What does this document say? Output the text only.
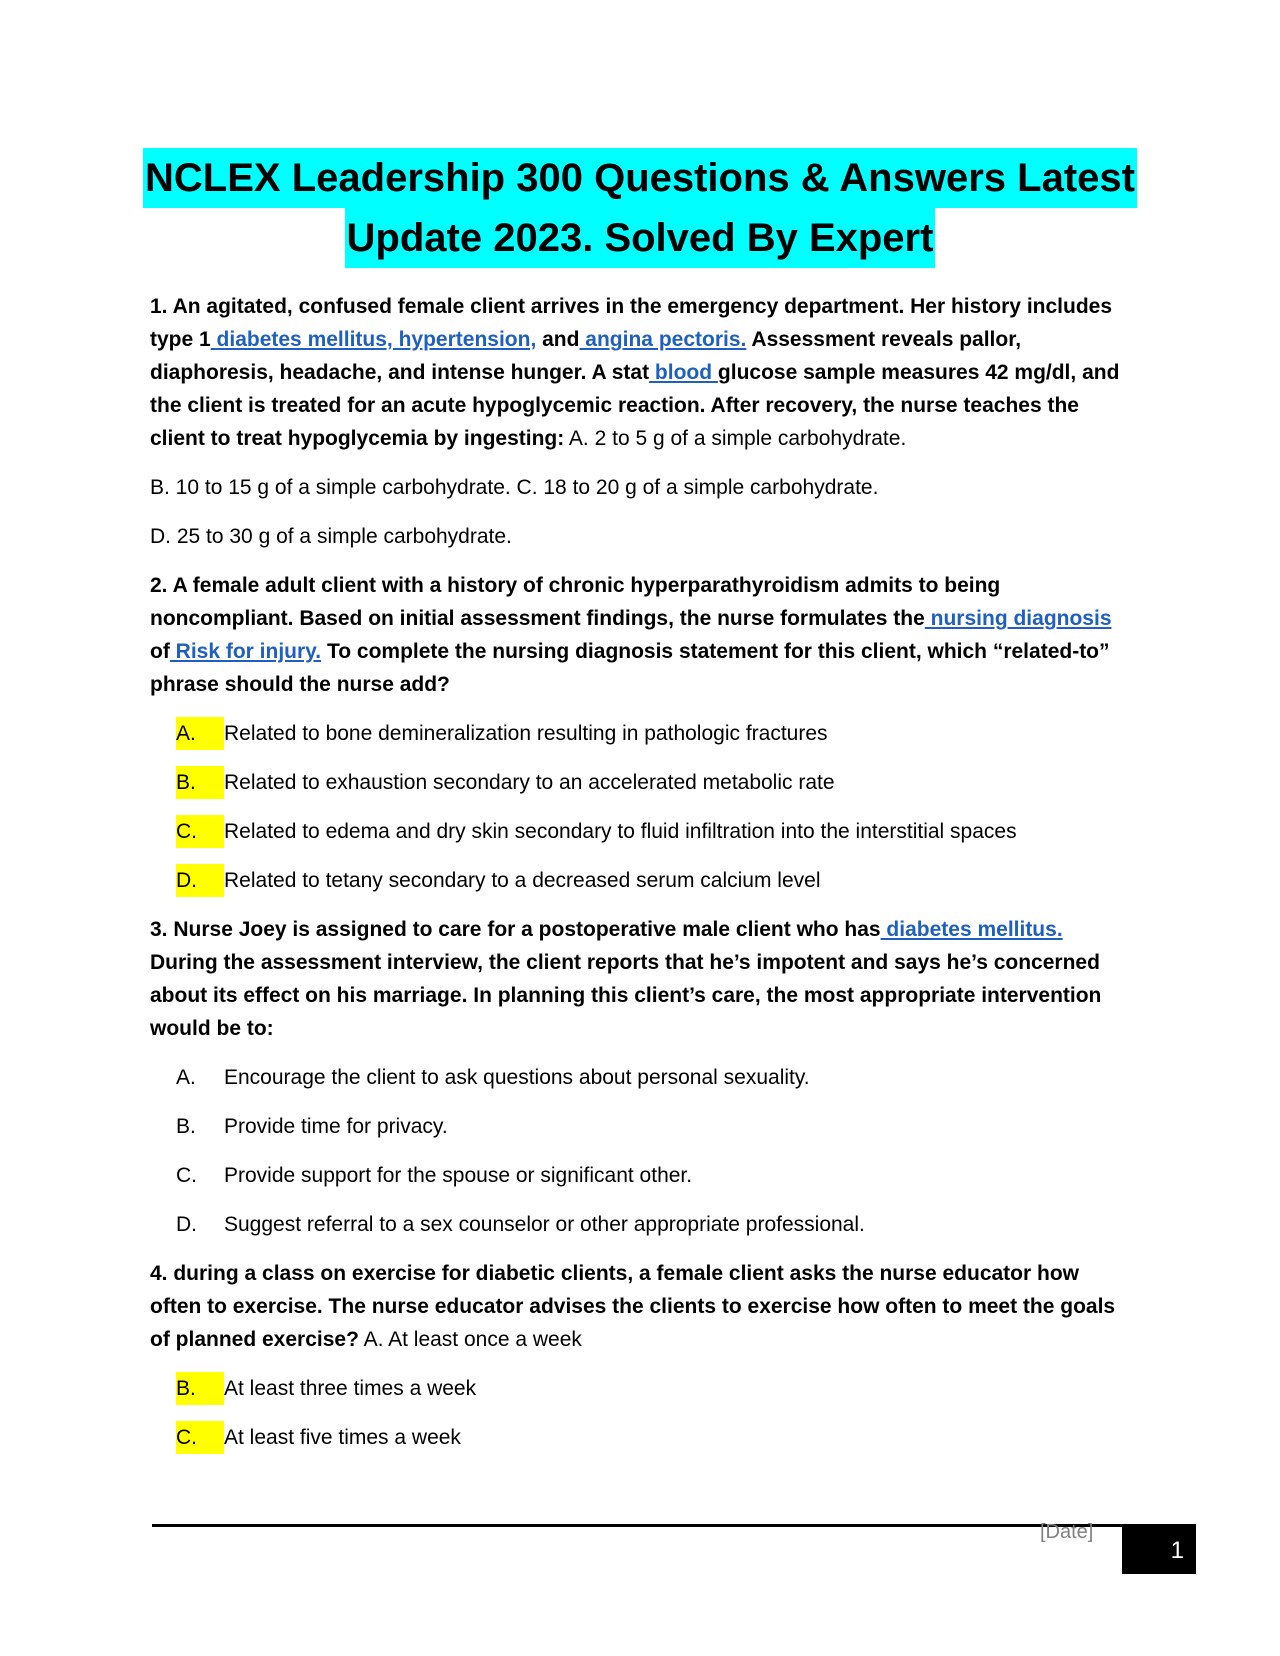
NCLEX Leadership 300 Questions & Answers Latest
Update 2023. Solved By Expert
1. An agitated, confused female client arrives in the emergency department. Her history includes type 1 diabetes mellitus, hypertension, and angina pectoris. Assessment reveals pallor, diaphoresis, headache, and intense hunger. A stat blood glucose sample measures 42 mg/dl, and the client is treated for an acute hypoglycemic reaction. After recovery, the nurse teaches the client to treat hypoglycemia by ingesting: A. 2 to 5 g of a simple carbohydrate.
B. 10 to 15 g of a simple carbohydrate. C. 18 to 20 g of a simple carbohydrate.
D. 25 to 30 g of a simple carbohydrate.
2. A female adult client with a history of chronic hyperparathyroidism admits to being noncompliant. Based on initial assessment findings, the nurse formulates the nursing diagnosis of Risk for injury. To complete the nursing diagnosis statement for this client, which “related-to” phrase should the nurse add?
A.	Related to bone demineralization resulting in pathologic fractures
B.	Related to exhaustion secondary to an accelerated metabolic rate
C.	Related to edema and dry skin secondary to fluid infiltration into the interstitial spaces
D.	Related to tetany secondary to a decreased serum calcium level
3. Nurse Joey is assigned to care for a postoperative male client who has diabetes mellitus. During the assessment interview, the client reports that he’s impotent and says he’s concerned about its effect on his marriage. In planning this client’s care, the most appropriate intervention would be to:
A.	Encourage the client to ask questions about personal sexuality.
B.	Provide time for privacy.
C.	Provide support for the spouse or significant other.
D.	Suggest referral to a sex counselor or other appropriate professional.
4. during a class on exercise for diabetic clients, a female client asks the nurse educator how often to exercise. The nurse educator advises the clients to exercise how often to meet the goals of planned exercise? A. At least once a week
B.	At least three times a week
C.	At least five times a week
[Date]
1
